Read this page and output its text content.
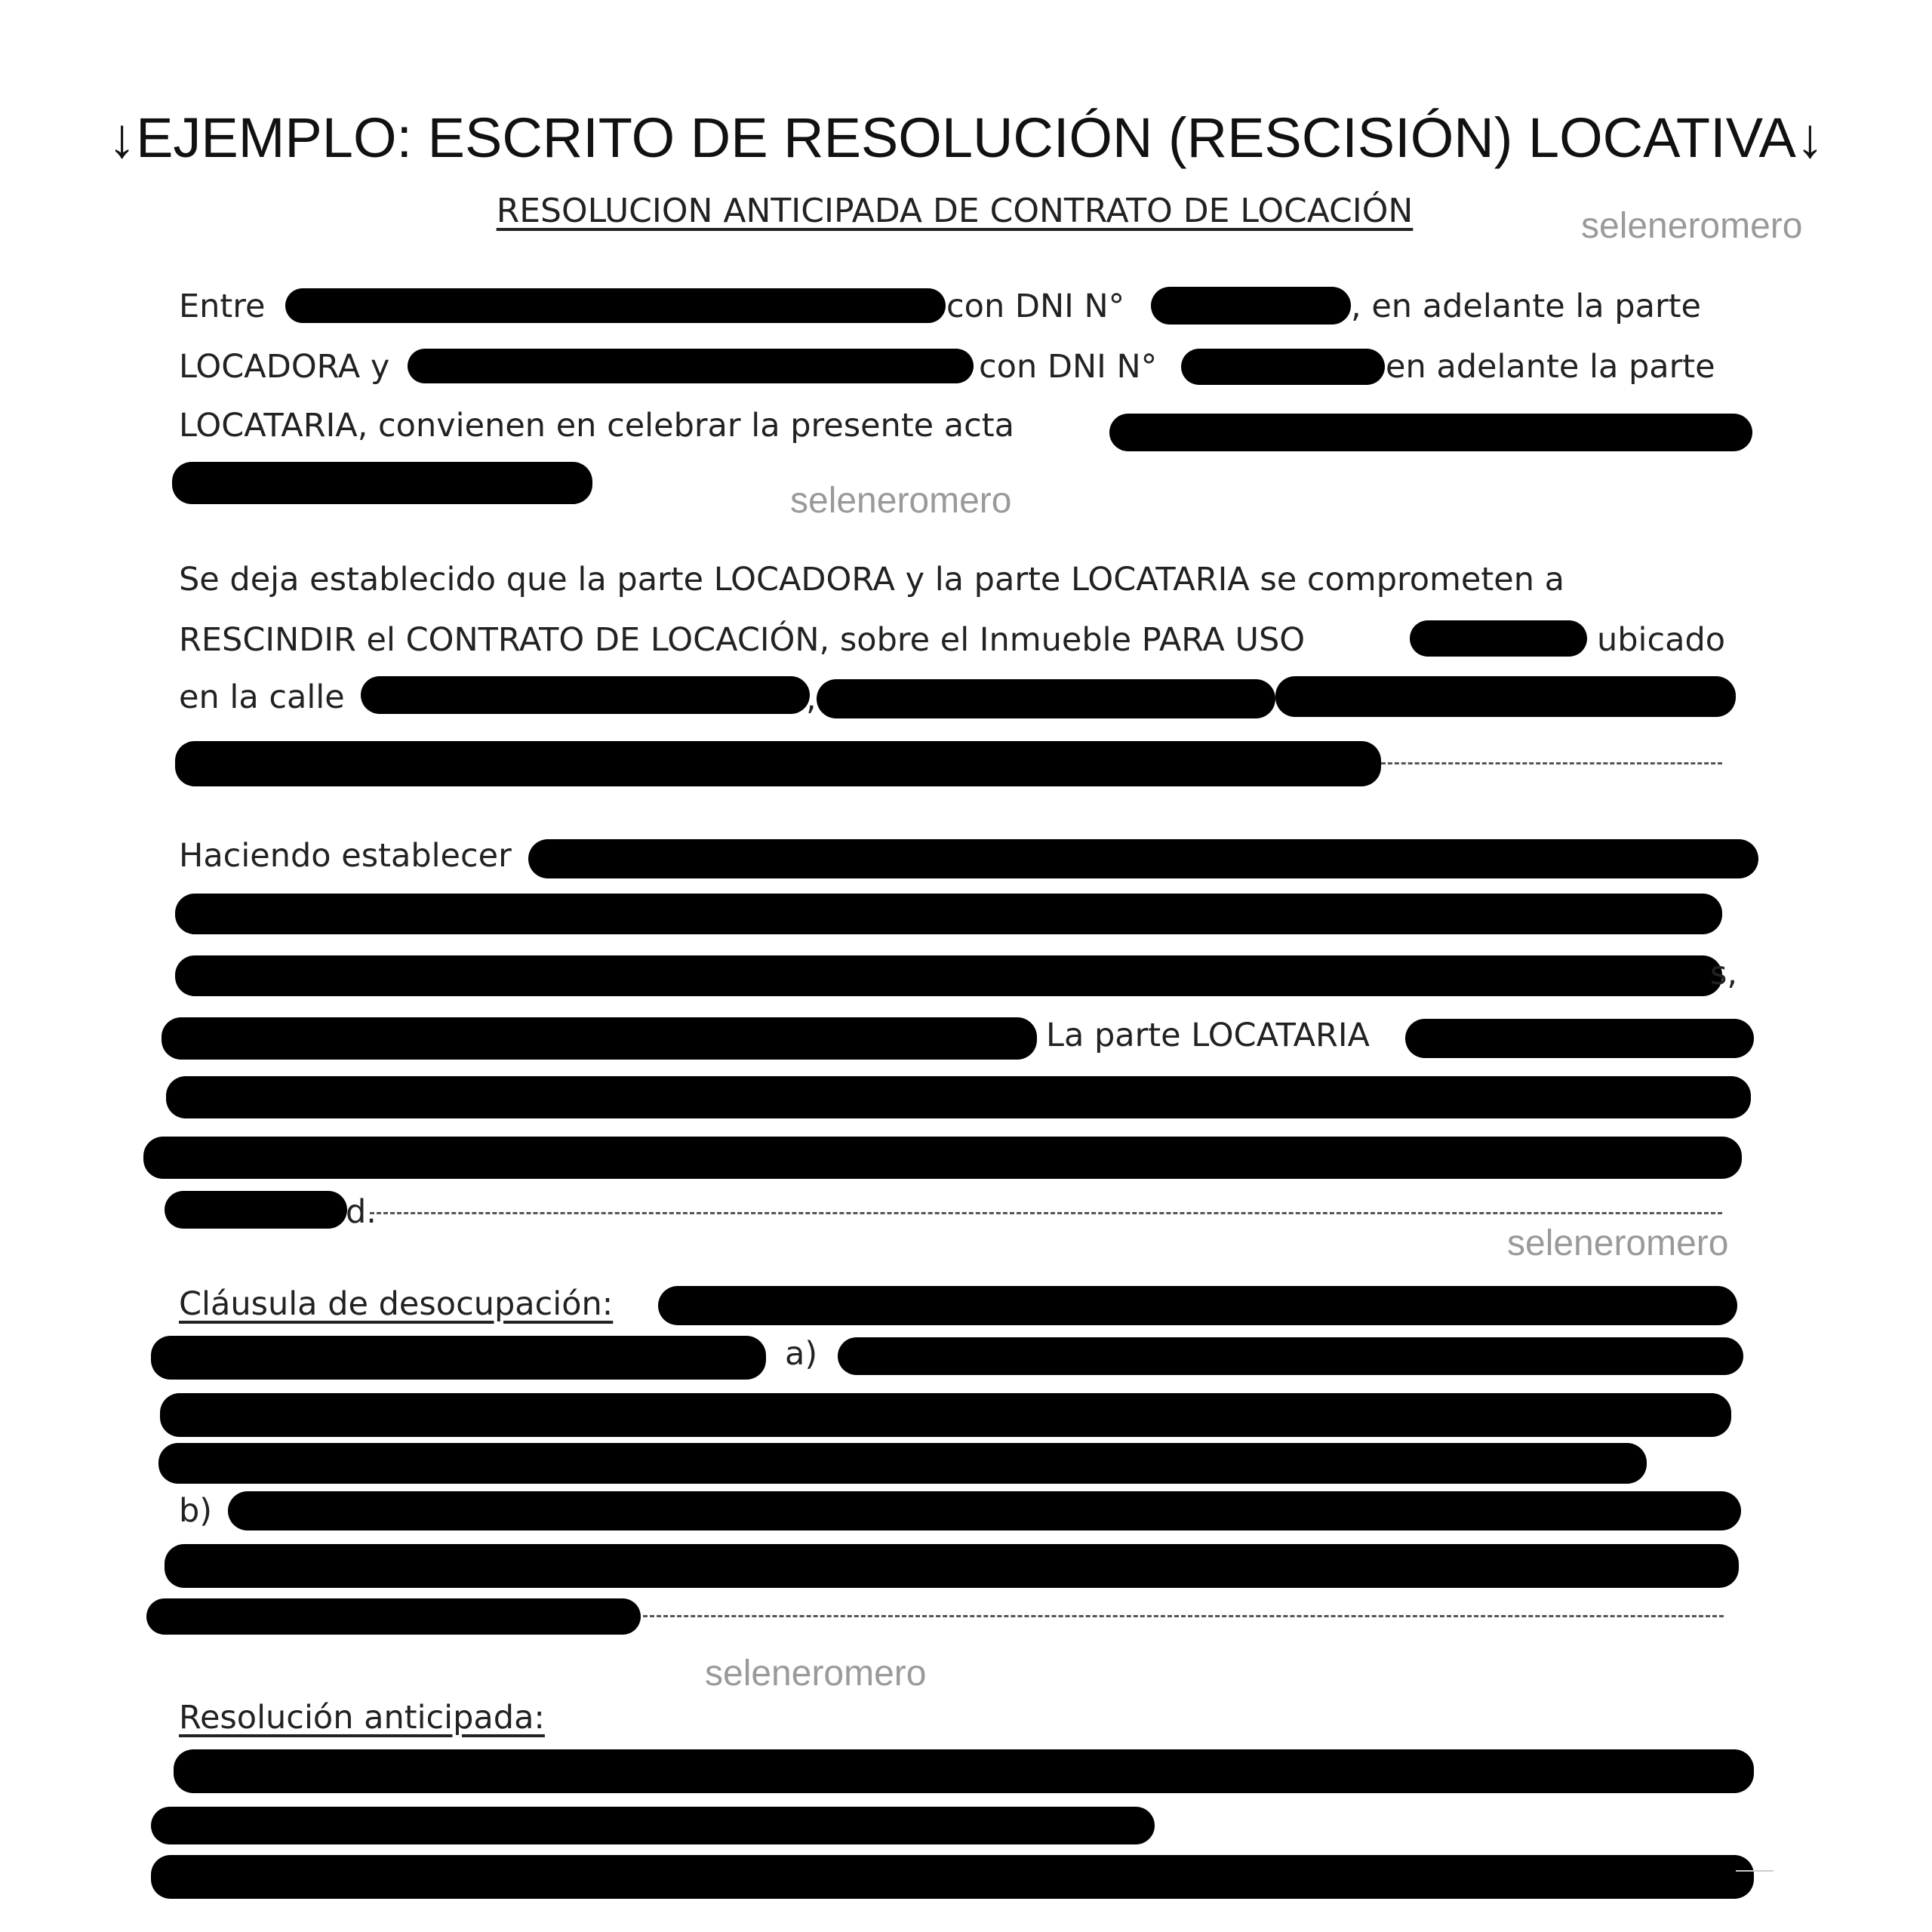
↓EJEMPLO: ESCRITO DE RESOLUCIÓN (RESCISIÓN) LOCATIVA↓
RESOLUCION ANTICIPADA DE CONTRATO DE LOCACIÓN	seleneromero
seleneromero
seleneromero
seleneromero
Entre	con DNI N°	, en adelante la parte
LOCADORA y	con DNI N°	en adelante la parte
LOCATARIA, convienen en celebrar la presente acta
Se deja establecido que la parte LOCADORA y la parte LOCATARIA se comprometen a
RESCINDIR el CONTRATO DE LOCACIÓN, sobre el Inmueble PARA USO	ubicado
en la calle	,
Haciendo establecer
s,
La parte LOCATARIA
d.
Cláusula de desocupación:
a)
b)
Resolución anticipada:
